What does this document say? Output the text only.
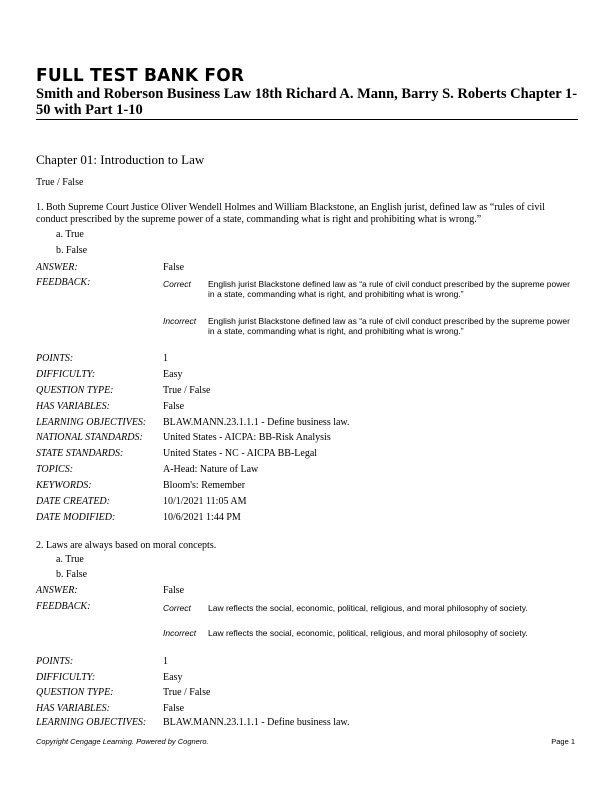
FULL TEST BANK FOR
Smith and Roberson Business Law 18th Richard A. Mann, Barry S. Roberts Chapter 1-50 with Part 1-10
Chapter 01: Introduction to Law
True / False
1. Both Supreme Court Justice Oliver Wendell Holmes and William Blackstone, an English jurist, defined law as “rules of civil conduct prescribed by the supreme power of a state, commanding what is right and prohibiting what is wrong.”
a. True
b. False
ANSWER:	False
FEEDBACK:	Correct English jurist Blackstone defined law as “a rule of civil conduct prescribed by the supreme power in a state, commanding what is right, and prohibiting what is wrong.”
Incorrect English jurist Blackstone defined law as “a rule of civil conduct prescribed by the supreme power in a state, commanding what is right, and prohibiting what is wrong.”
POINTS:	1
DIFFICULTY:	Easy
QUESTION TYPE:	True / False
HAS VARIABLES:	False
LEARNING OBJECTIVES: BLAW.MANN.23.1.1.1 - Define business law.
NATIONAL STANDARDS: United States - AICPA: BB-Risk Analysis
STATE STANDARDS:	United States - NC - AICPA BB-Legal
TOPICS:	A-Head: Nature of Law
KEYWORDS:	Bloom's: Remember
DATE CREATED:	10/1/2021 11:05 AM
DATE MODIFIED:	10/6/2021 1:44 PM
2. Laws are always based on moral concepts.
a. True
b. False
ANSWER:	False
FEEDBACK:	Correct Law reflects the social, economic, political, religious, and moral philosophy of society.
Incorrect Law reflects the social, economic, political, religious, and moral philosophy of society.
POINTS:	1
DIFFICULTY:	Easy
QUESTION TYPE:	True / False
HAS VARIABLES:	False
LEARNING OBJECTIVES: BLAW.MANN.23.1.1.1 - Define business law.
Copyright Cengage Learning. Powered by Cognero.	Page 1
